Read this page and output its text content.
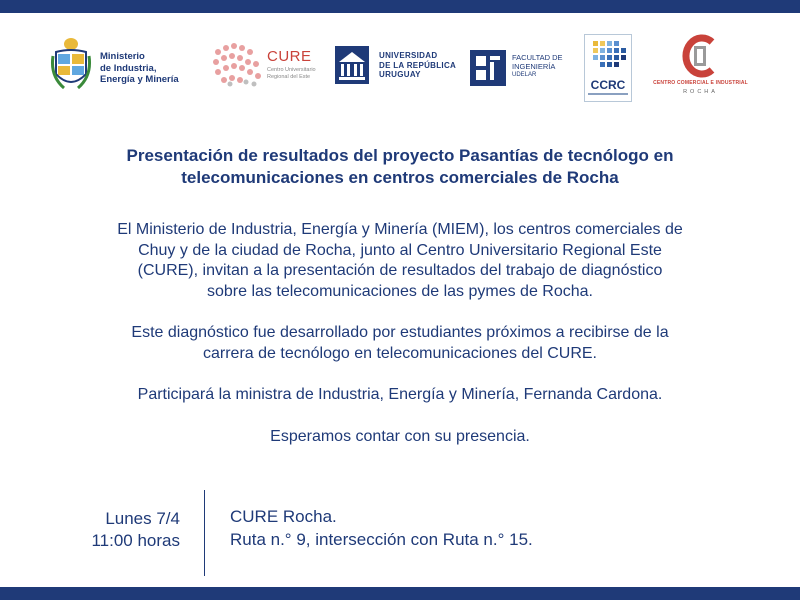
Ministerio
de Industria,
Energía y Minería
CURE
Centro Universitario
Regional del Este
UNIVERSIDAD
DE LA REPÚBLICA
URUGUAY
FACULTAD DE
INGENIERÍA
UDELAR
CCRC	CENTRO COMERCIAL E INDUSTRIAL
ROCHA
Presentación de resultados del proyecto Pasantías de tecnólogo en
telecomunicaciones en centros comerciales de Rocha
El Ministerio de Industria, Energía y Minería (MIEM), los centros comerciales de
Chuy y de la ciudad de Rocha, junto al Centro Universitario Regional Este
(CURE), invitan a la presentación de resultados del trabajo de diagnóstico
sobre las telecomunicaciones de las pymes de Rocha.
Este diagnóstico fue desarrollado por estudiantes próximos a recibirse de la
carrera de tecnólogo en telecomunicaciones del CURE.
Participará la ministra de Industria, Energía y Minería, Fernanda Cardona.
Esperamos contar con su presencia.
Lunes 7/4
11:00 horas
CURE Rocha.
Ruta n.° 9, intersección con Ruta n.° 15.
